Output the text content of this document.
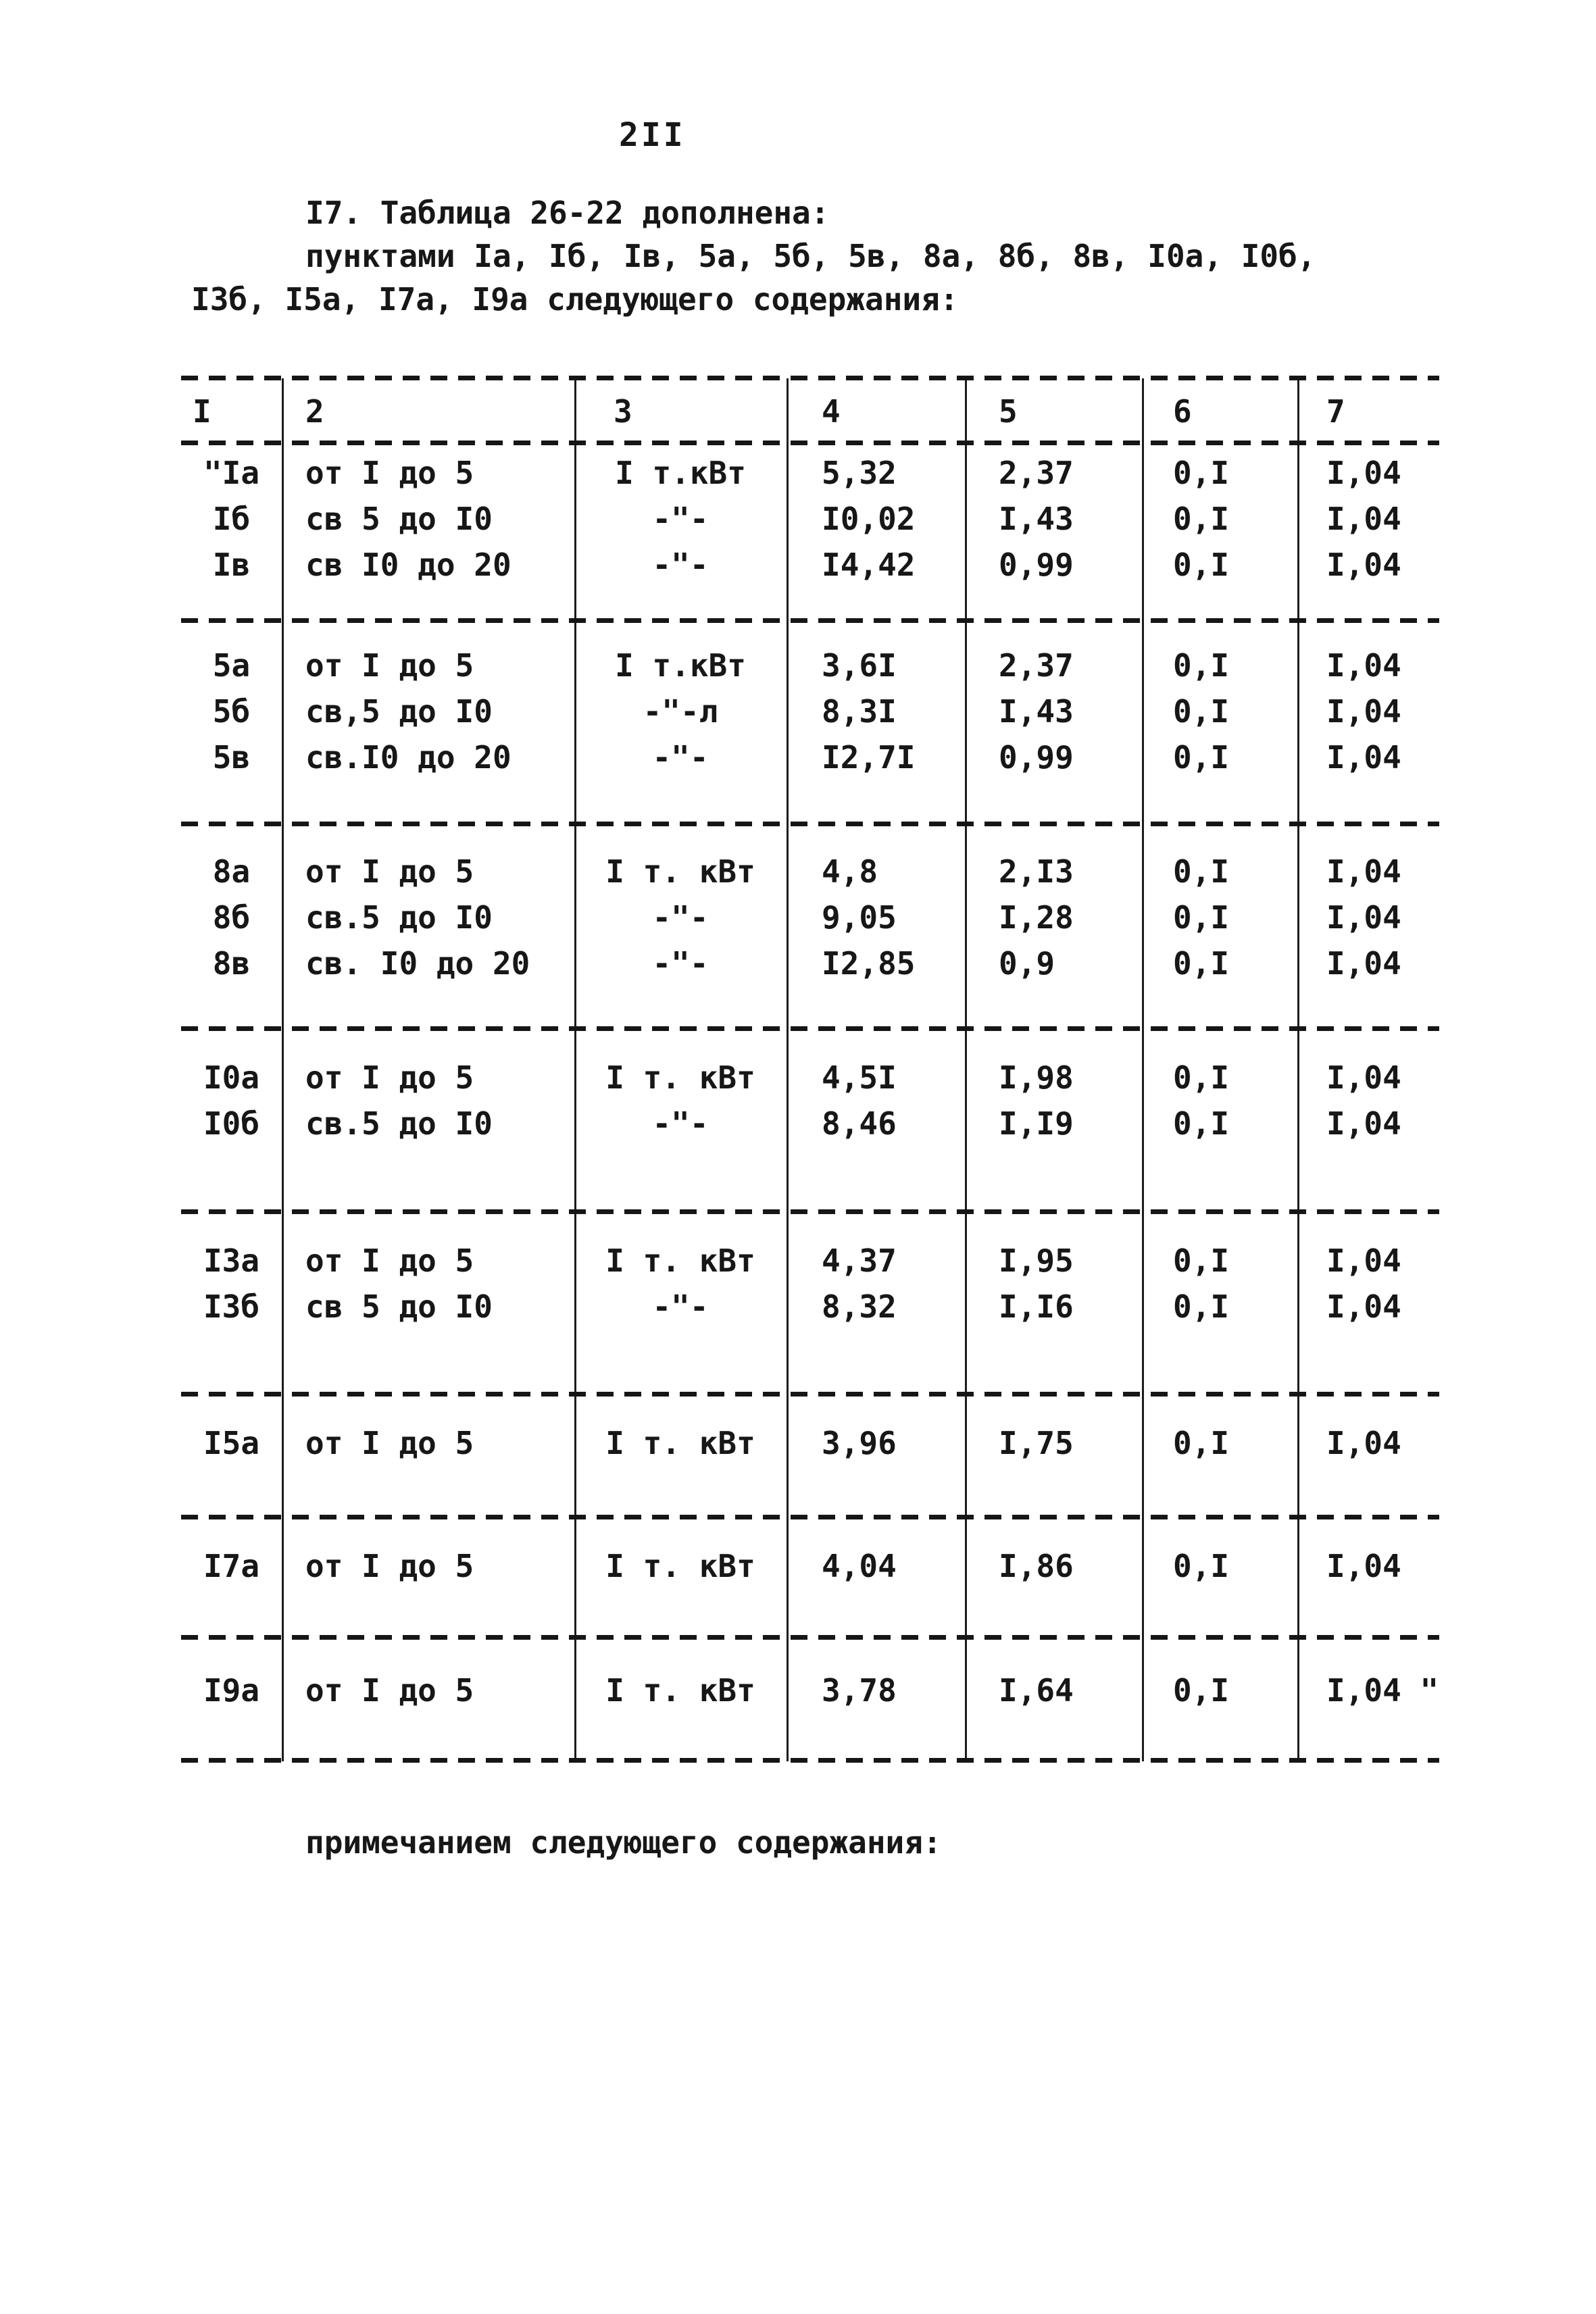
2II
I7. Таблица 26-22 дополнена:
пунктами Iа, Iб, Iв, 5а, 5б, 5в, 8а, 8б, 8в, I0а, I0б,
I3б, I5а, I7а, I9а следующего содержания:
I	2	3	4	5	6	7
"Iа	от I до 5	I т.кВт	5,32	2,37	0,I	I,04
Iб	св 5 до I0	-"-	I0,02	I,43	0,I	I,04
Iв	св I0 до 20	-"-	I4,42	0,99	0,I	I,04
5а	от I до 5	I т.кВт	3,6I	2,37	0,I	I,04
5б	св,5 до I0	-"-л	8,3I	I,43	0,I	I,04
5в	св.I0 до 20	-"-	I2,7I	0,99	0,I	I,04
8а	от I до 5	I т. кВт	4,8	2,I3	0,I	I,04
8б	св.5 до I0	-"-	9,05	I,28	0,I	I,04
8в	св. I0 до 20	-"-	I2,85	0,9	0,I	I,04
I0а	от I до 5	I т. кВт	4,5I	I,98	0,I	I,04
I0б	св.5 до I0	-"-	8,46	I,I9	0,I	I,04
I3а	от I до 5	I т. кВт	4,37	I,95	0,I	I,04
I3б	св 5 до I0	-"-	8,32	I,I6	0,I	I,04
I5а	от I до 5	I т. кВт	3,96	I,75	0,I	I,04
I7а	от I до 5	I т. кВт	4,04	I,86	0,I	I,04
I9а	от I до 5	I т. кВт	3,78	I,64	0,I	I,04 "
примечанием следующего содержания:
